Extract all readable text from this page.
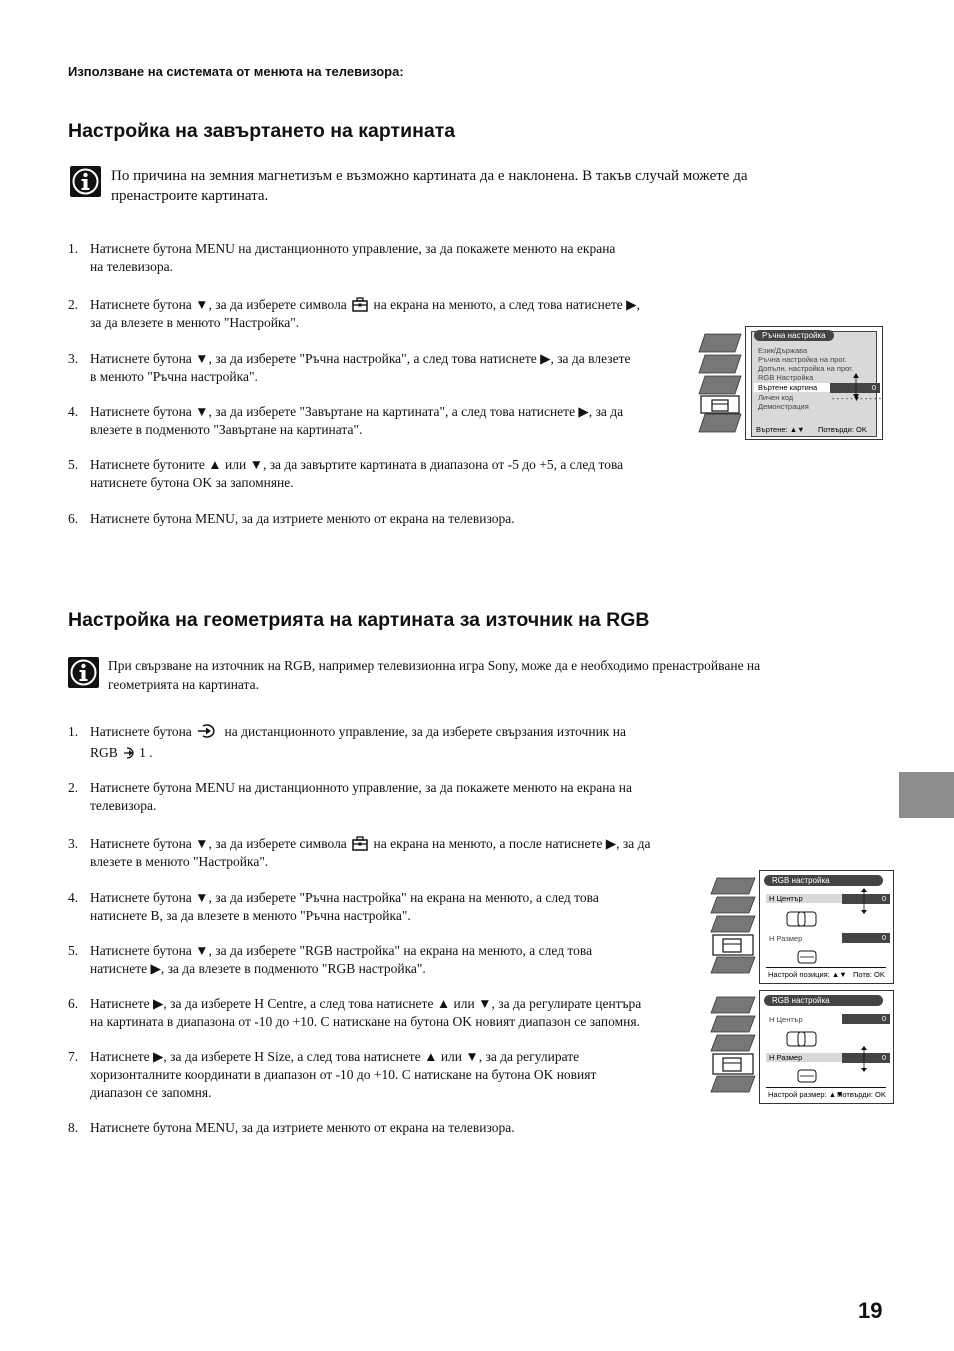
Използване на системата от менюта на телевизора:
Настройка на завъртането на картината
По причина на земния магнетизъм е възможно картината да е наклонена. В такъв случай можете да
пренастроите картината.
1. Натиснете бутона MENU на дистанционното управление, за да покажете менюто на екрана
на телевизора.
2. Натиснете бутона ▼, за да изберете символа на екрана на менюто, а след това натиснете ▶,
за да влезете в менюто "Настройка".
3. Натиснете бутона ▼, за да изберете "Ръчна настройка", а след това натиснете ▶, за да влезете
в менюто "Ръчна настройка".
4. Натиснете бутона ▼, за да изберете "Завъртане на картината", а след това натиснете ▶, за да
влезете в подменюто "Завъртане на картината".
5. Натиснете бутоните ▲ или ▼, за да завъртите картината в диапазона от -5 до +5, а след това
натиснете бутона OK за запомняне.
6. Натиснете бутона MENU, за да изтриете менюто от екрана на телевизора.
Ръчна настройка
Език/Държава
Ръчна настройка на прог.
Допълн. настройка на прог.
RGB Настройка
Въртене картина	0
Личен код
Демонстрация
- - - - -▼- - - - -
Въртене: ▲▼ Потвърди: OK
Настройка на геометрията на картината за източник на RGB
При свързване на източник на RGB, например телевизионна игра Sony, може да е необходимо пренастройване на
геометрията на картината.
1. Натиснете бутона на дистанционното управление, за да изберете свързания източник на
RGB 1 .
2. Натиснете бутона MENU на дистанционното управление, за да покажете менюто на екрана на
телевизора.
3. Натиснете бутона ▼, за да изберете символа на екрана на менюто, а после натиснете ▶, за да
влезете в менюто "Настройка".
4. Натиснете бутона ▼, за да изберете "Ръчна настройка" на екрана на менюто, а след това
натиснете B, за да влезете в менюто "Ръчна настройка".
5. Натиснете бутона ▼, за да изберете "RGB настройка" на екрана на менюто, а след това
натиснете ▶, за да влезете в подменюто "RGB настройка".
6. Натиснете ▶, за да изберете H Centre, а след това натиснете ▲ или ▼, за да регулирате центъра
на картината в диапазона от -10 до +10. С натискане на бутона OK новият диапазон се запомня.
7. Натиснете ▶, за да изберете H Size, а след това натиснете ▲ или ▼, за да регулирате
хоризонталните координати в диапазон от -10 до +10. С натискане на бутона OK новият
диапазон се запомня.
8. Натиснете бутона MENU, за да изтриете менюто от екрана на телевизора.
RGB настройка
H Център	0
H Размер	0
Настрой позиция: ▲▼ Потв: OK
RGB настройка
H Център	0
H Размер	0
Настрой размер: ▲▼
Потвърди: OK
19
